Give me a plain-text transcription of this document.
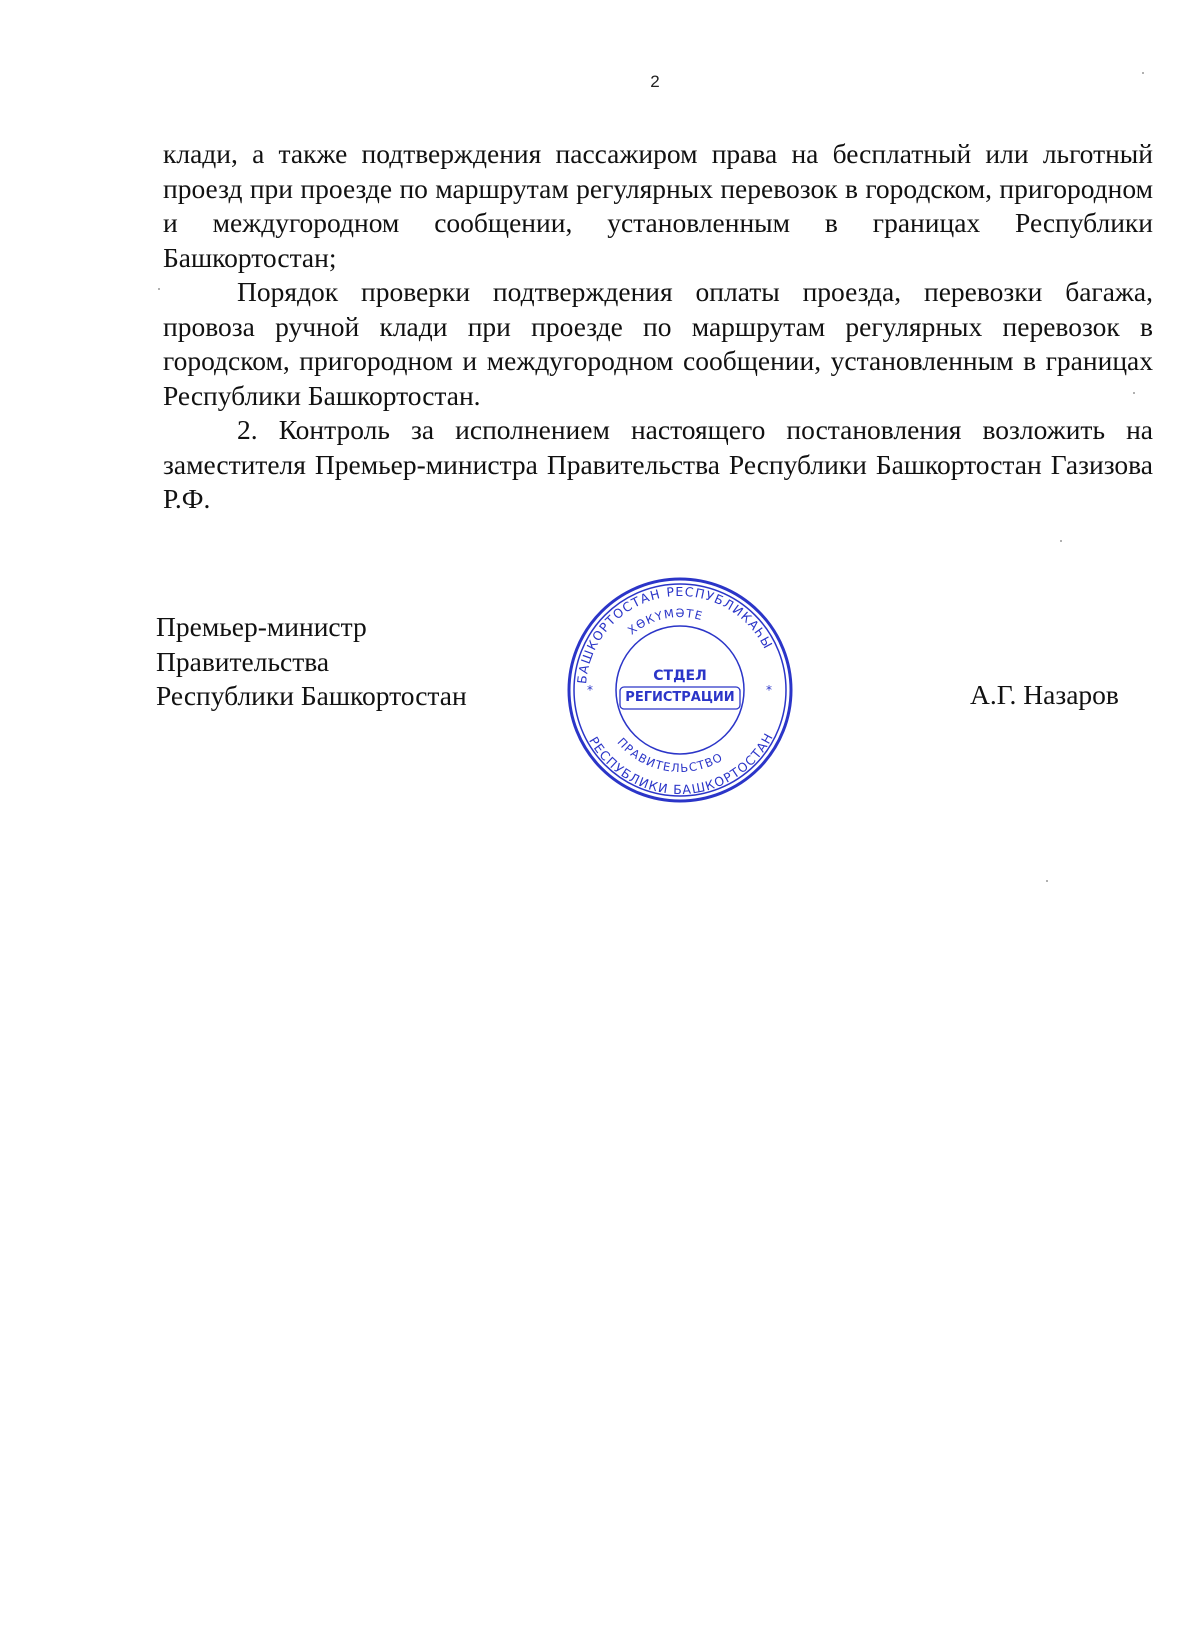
2

клади, а также подтверждения пассажиром права на бесплатный или льготный проезд при проезде по маршрутам регулярных перевозок в городском, пригородном и междугородном сообщении, установленным в границах Республики Башкортостан;

Порядок проверки подтверждения оплаты проезда, перевозки багажа, провоза ручной клади при проезде по маршрутам регулярных перевозок в городском, пригородном и междугородном сообщении, установленным в границах Республики Башкортостан.

2. Контроль за исполнением настоящего постановления возложить на заместителя Премьер-министра Правительства Республики Башкортостан Газизова Р.Ф.

Премьер-министр
Правительства
Республики Башкортостан
БАШКОРТОСТАН РЕСПУБЛИКАҺЫ
ХӨКҮМӘТЕ
РЕСПУБЛИКИ БАШКОРТОСТАН
ПРАВИТЕЛЬСТВО
*	*
СТДЕЛ
РЕГИСТРАЦИИ	А.Г. Назаров
